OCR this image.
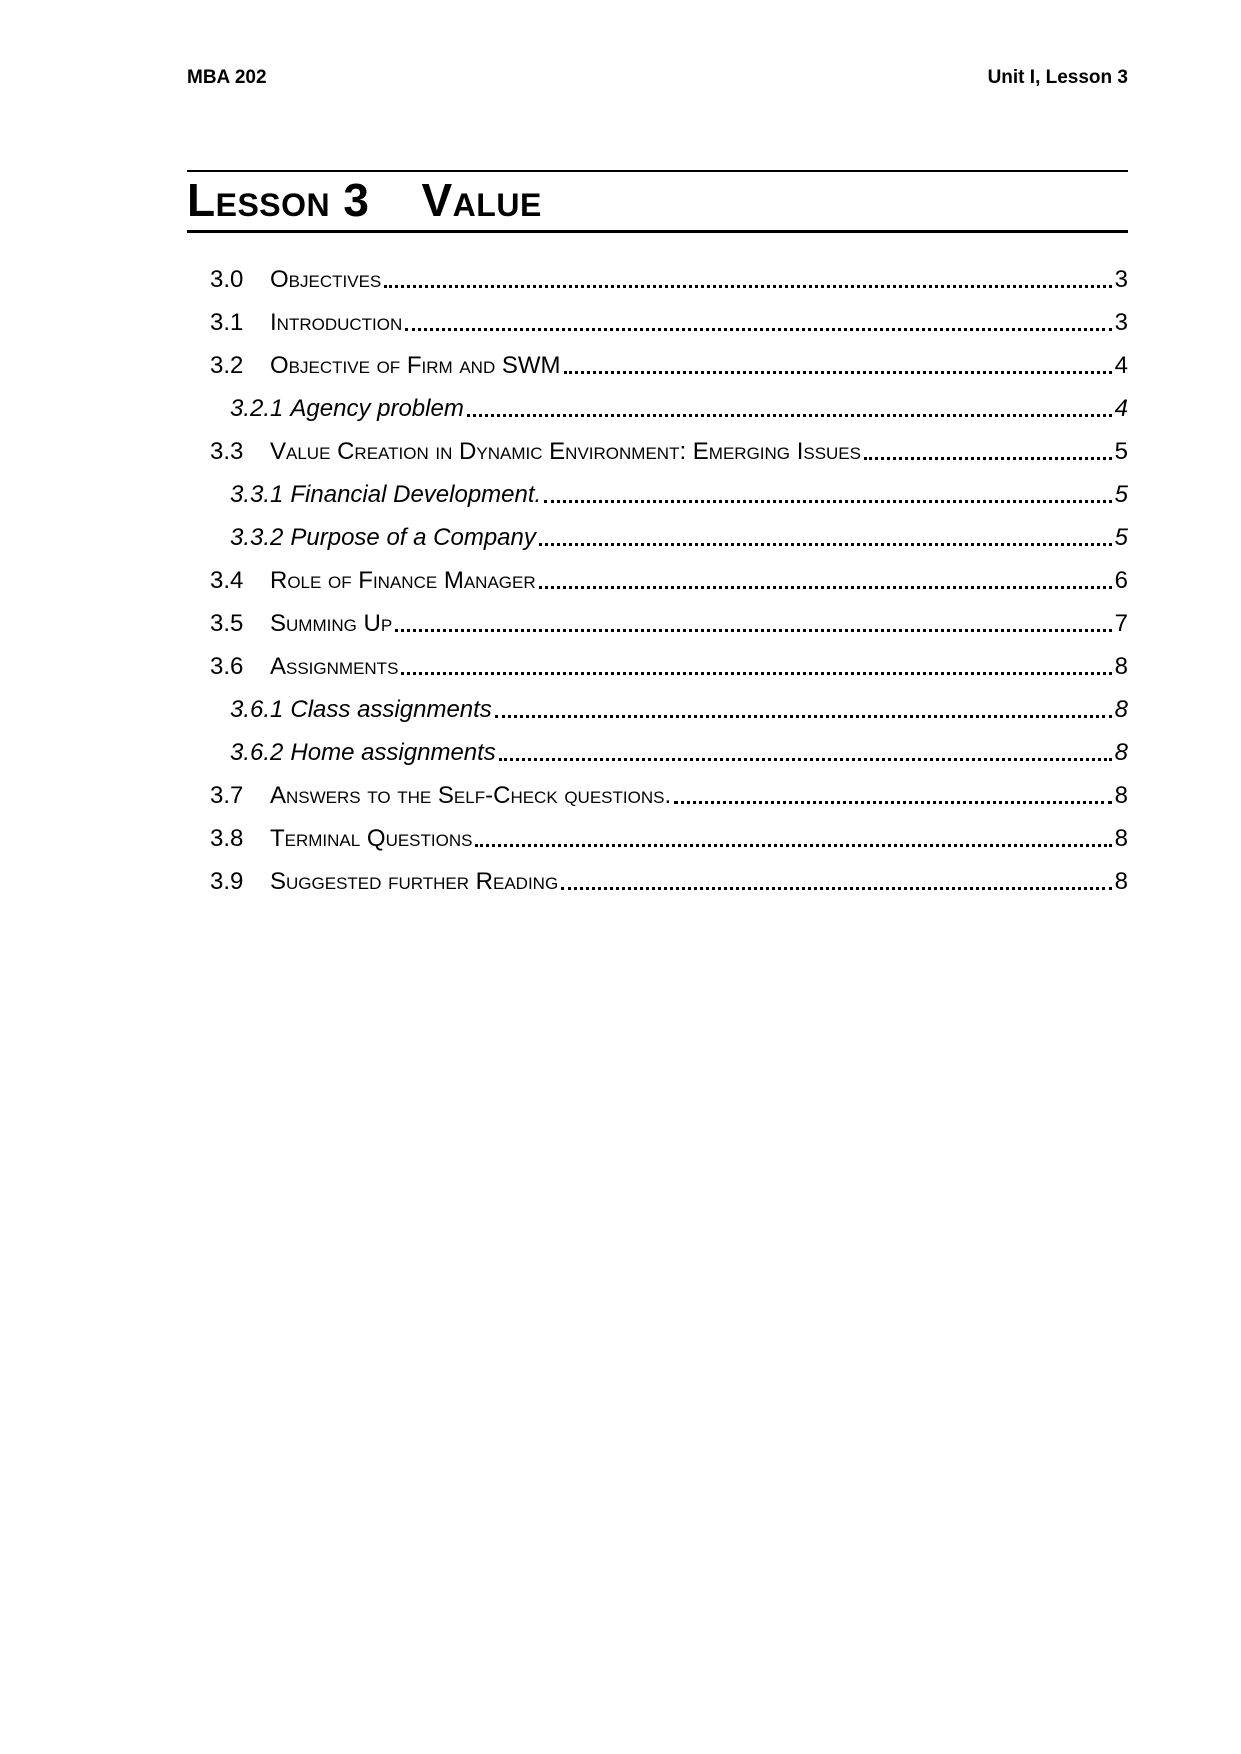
MBA 202	Unit I, Lesson 3
Lesson 3 Value
3.0	Objectives	3
3.1	Introduction	3
3.2	Objective of Firm and SWM	4
3.2.1 Agency problem	4
3.3	Value Creation in Dynamic Environment: Emerging Issues	5
3.3.1 Financial Development.	5
3.3.2 Purpose of a Company	5
3.4	Role of Finance Manager	6
3.5	Summing Up	7
3.6	Assignments	8
3.6.1 Class assignments	8
3.6.2 Home assignments	8
3.7	Answers to the Self-Check questions.	8
3.8	Terminal Questions	8
3.9	Suggested further Reading	8
